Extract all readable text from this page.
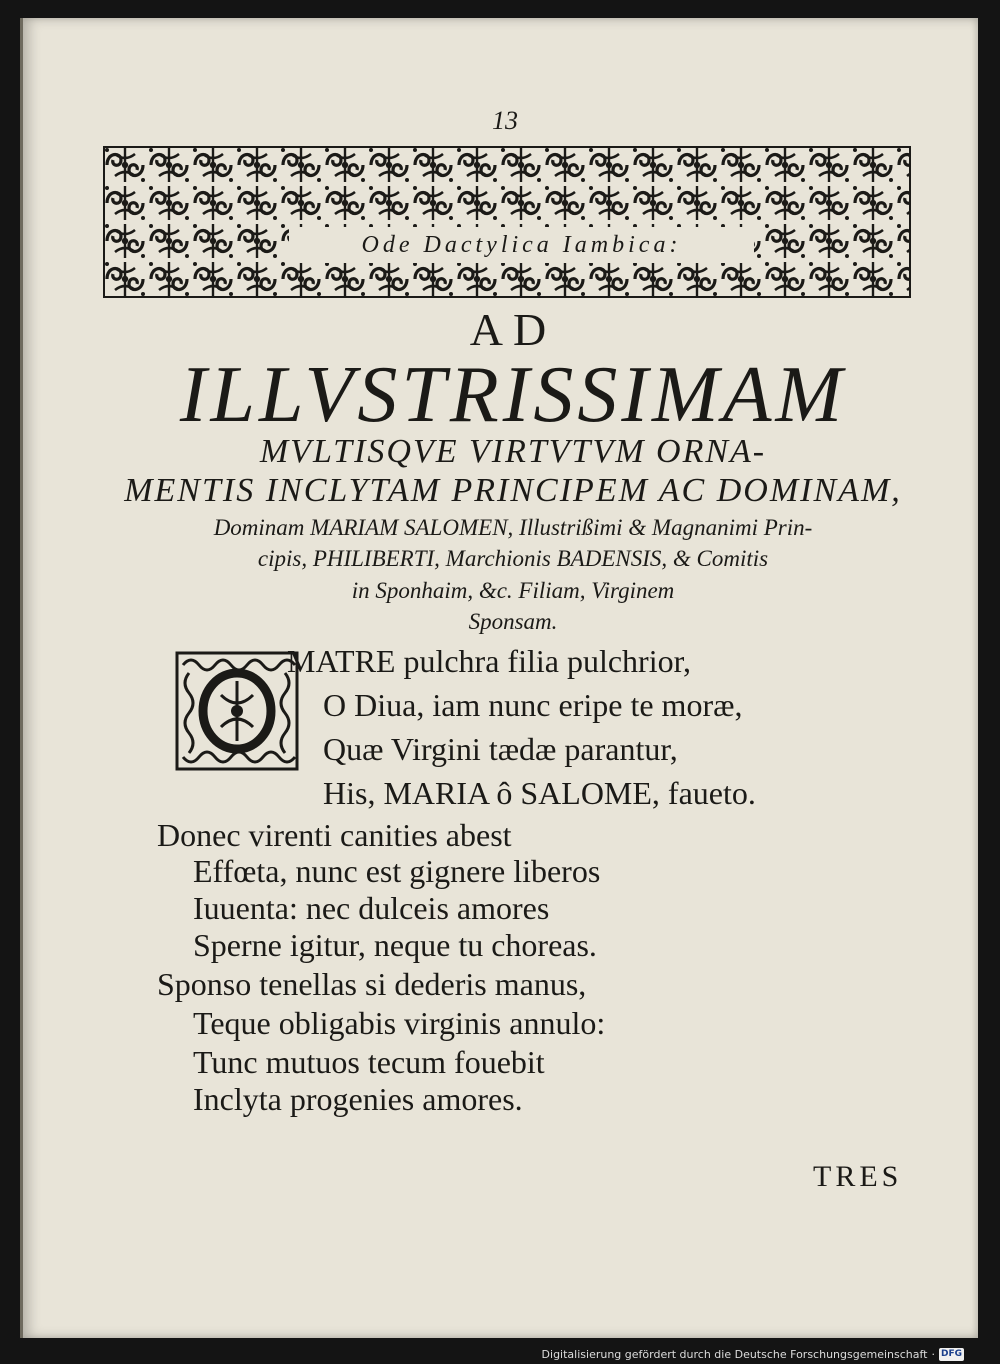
13
Ode Dactylica Iambica:
AD
ILLVSTRISSIMAM
MVLTISQVE VIRTVTVM ORNA-
MENTIS INCLYTAM PRINCIPEM AC DOMINAM,
Dominam MARIAM SALOMEN, Illustrißimi & Magnanimi Prin-
cipis, PHILIBERTI, Marchionis BADENSIS, & Comitis
in Sponhaim, &c. Filiam, Virginem
Sponsam.
MATRE pulchra filia pulchrior,
O Diua, iam nunc eripe te moræ,
Quæ Virgini tædæ parantur,
His, MARIA ô SALOME, faueto.
Donec virenti canities abest
Effœta, nunc est gignere liberos
Iuuenta: nec dulceis amores
Sperne igitur, neque tu choreas.
Sponso tenellas si dederis manus,
Teque obligabis virginis annulo:
Tunc mutuos tecum fouebit
Inclyta progenies amores.
TRES
Digitalisierung gefördert durch die Deutsche Forschungsgemeinschaft · DFG
